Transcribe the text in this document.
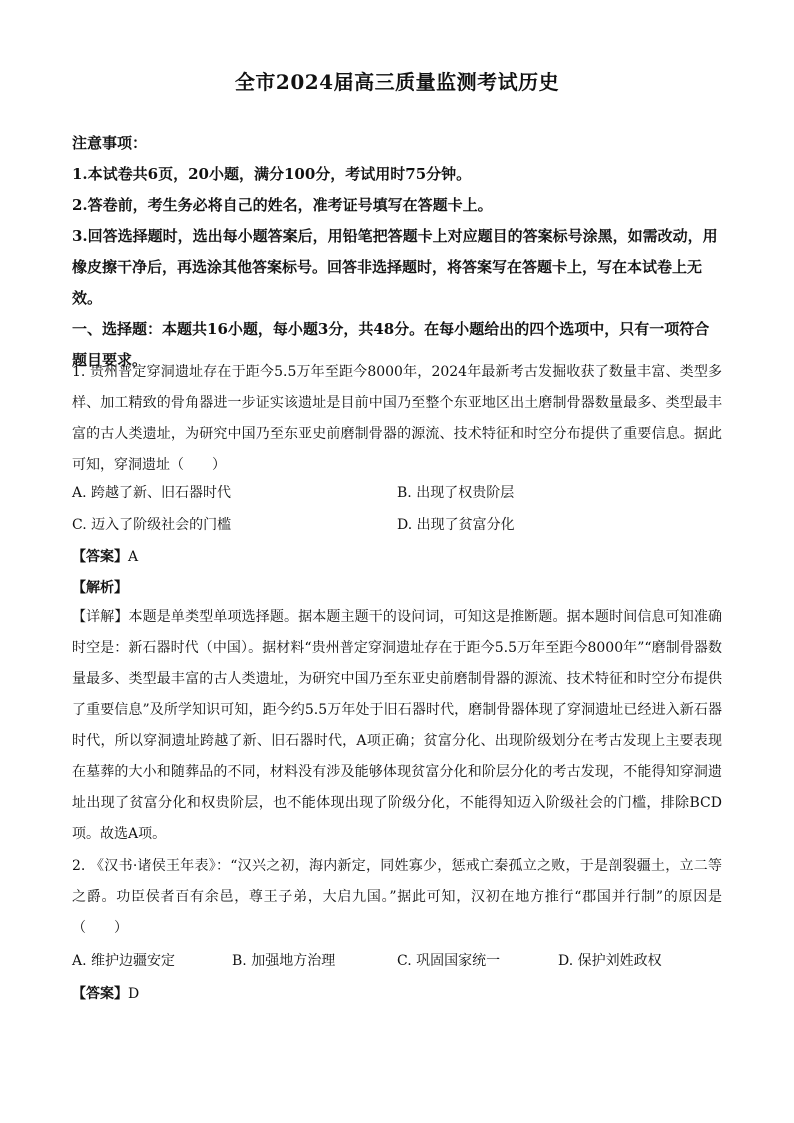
全市2024届高三质量监测考试历史

注意事项：

1.本试卷共6页，20小题，满分100分，考试用时75分钟。

2.答卷前，考生务必将自己的姓名，准考证号填写在答题卡上。

3.回答选择题时，选出每小题答案后，用铅笔把答题卡上对应题目的答案标号涂黑，如需改动，用橡皮擦干净后，再选涂其他答案标号。回答非选择题时，将答案写在答题卡上，写在本试卷上无效。

一、选择题：本题共16小题，每小题3分，共48分。在每小题给出的四个选项中，只有一项符合题目要求。

1. 贵州普定穿洞遗址存在于距今5.5万年至距今8000年，2024年最新考古发掘收获了数量丰富、类型多样、加工精致的骨角器进一步证实该遗址是目前中国乃至整个东亚地区出土磨制骨器数量最多、类型最丰富的古人类遗址，为研究中国乃至东亚史前磨制骨器的源流、技术特征和时空分布提供了重要信息。据此可知，穿洞遗址（　　）

A. 跨越了新、旧石器时代	B. 出现了权贵阶层
C. 迈入了阶级社会的门槛	D. 出现了贫富分化
【答案】A
【解析】

【详解】本题是单类型单项选择题。据本题主题干的设问词，可知这是推断题。据本题时间信息可知准确时空是：新石器时代（中国）。据材料“贵州普定穿洞遗址存在于距今5.5万年至距今8000年”“磨制骨器数量最多、类型最丰富的古人类遗址，为研究中国乃至东亚史前磨制骨器的源流、技术特征和时空分布提供了重要信息”及所学知识可知，距今约5.5万年处于旧石器时代，磨制骨器体现了穿洞遗址已经进入新石器时代，所以穿洞遗址跨越了新、旧石器时代，A项正确；贫富分化、出现阶级划分在考古发现上主要表现在墓葬的大小和随葬品的不同，材料没有涉及能够体现贫富分化和阶层分化的考古发现，不能得知穿洞遗址出现了贫富分化和权贵阶层，也不能体现出现了阶级分化，不能得知迈入阶级社会的门槛，排除BCD项。故选A项。

2. 《汉书·诸侯王年表》：“汉兴之初，海内新定，同姓寡少，惩戒亡秦孤立之败，于是剖裂疆土，立二等之爵。功臣侯者百有余邑，尊王子弟，大启九国。”据此可知，汉初在地方推行“郡国并行制”的原因是（　　）

A. 维护边疆安定	B. 加强地方治理	C. 巩固国家统一	D. 保护刘姓政权
【答案】D
